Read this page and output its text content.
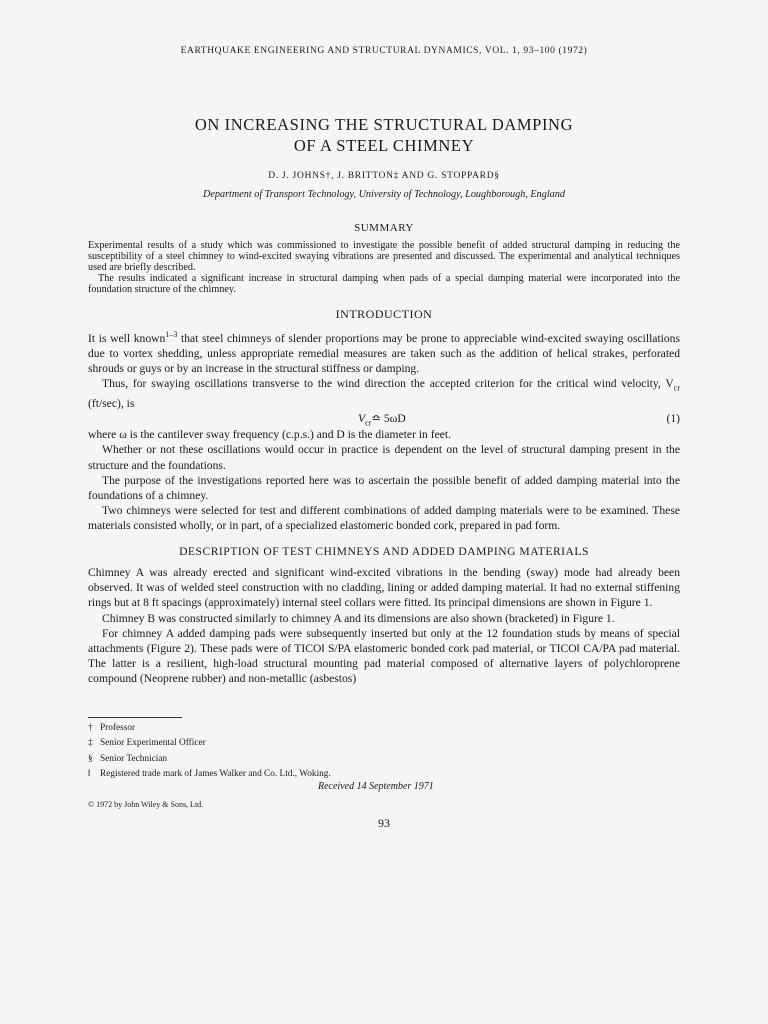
EARTHQUAKE ENGINEERING AND STRUCTURAL DYNAMICS, VOL. 1, 93–100 (1972)
ON INCREASING THE STRUCTURAL DAMPING
OF A STEEL CHIMNEY
D. J. JOHNS†, J. BRITTON‡ AND G. STOPPARD§
Department of Transport Technology, University of Technology, Loughborough, England
SUMMARY

Experimental results of a study which was commissioned to investigate the possible benefit of added structural damping in reducing the susceptibility of a steel chimney to wind-excited swaying vibrations are presented and discussed. The experimental and analytical techniques used are briefly described.

The results indicated a significant increase in structural damping when pads of a special damping material were incorporated into the foundation structure of the chimney.

INTRODUCTION

It is well known$^{1-3}$ that steel chimneys of slender proportions may be prone to appreciable wind-excited swaying oscillations due to vortex shedding, unless appropriate remedial measures are taken such as the addition of helical strakes, perforated shrouds or guys or by an increase in the structural stiffness or damping.

Thus, for swaying oscillations transverse to the wind direction the accepted criterion for the critical wind velocity, $V_{cr}$ (ft/sec), is

$V_{cr}≏$ 5ωD	(1)

where ω is the cantilever sway frequency (c.p.s.) and D is the diameter in feet.

Whether or not these oscillations would occur in practice is dependent on the level of structural damping present in the structure and the foundations.

The purpose of the investigations reported here was to ascertain the possible benefit of added damping material into the foundations of a chimney.

Two chimneys were selected for test and different combinations of added damping materials were to be examined. These materials consisted wholly, or in part, of a specialized elastomeric bonded cork, prepared in pad form.

DESCRIPTION OF TEST CHIMNEYS AND ADDED DAMPING MATERIALS

Chimney A was already erected and significant wind-excited vibrations in the bending (sway) mode had already been observed. It was of welded steel construction with no cladding, lining or added damping material. It had no external stiffening rings but at 8 ft spacings (approximately) internal steel collars were fitted. Its principal dimensions are shown in Figure 1.

Chimney B was constructed similarly to chimney A and its dimensions are also shown (bracketed) in Figure 1.

For chimney A added damping pads were subsequently inserted but only at the 12 foundation studs by means of special attachments (Figure 2). These pads were of TICO‖ S/PA elastomeric bonded cork pad material, or TICO‖ CA/PA pad material. The latter is a resilient, high-load structural mounting pad material composed of alternative layers of polychloroprene compound (Neoprene rubber) and non-metallic (asbestos)

† Professor
‡ Senior Experimental Officer
§ Senior Technician
‖ Registered trade mark of James Walker and Co. Ltd., Woking.
Received 14 September 1971
© 1972 by John Wiley & Sons, Ltd.
93
